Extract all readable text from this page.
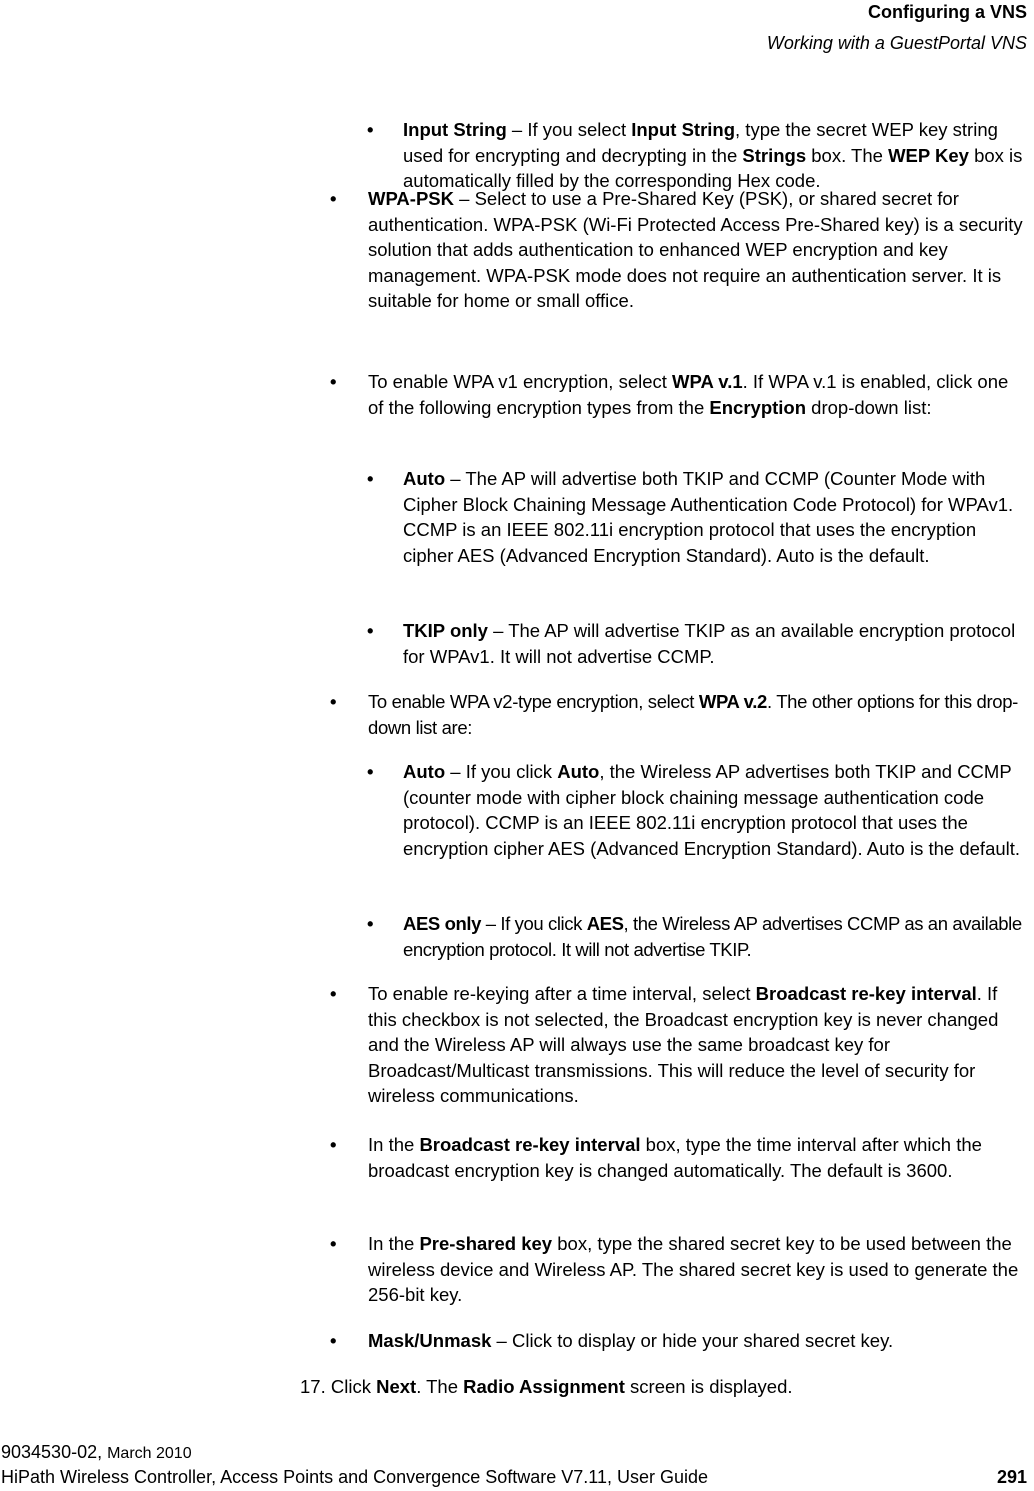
Configuring a VNS
Working with a GuestPortal VNS
• Input String – If you select Input String, type the secret WEP key string used for encrypting and decrypting in the Strings box. The WEP Key box is automatically filled by the corresponding Hex code.
• WPA-PSK – Select to use a Pre-Shared Key (PSK), or shared secret for authentication. WPA-PSK (Wi-Fi Protected Access Pre-Shared key) is a security solution that adds authentication to enhanced WEP encryption and key management. WPA-PSK mode does not require an authentication server. It is suitable for home or small office.
• To enable WPA v1 encryption, select WPA v.1. If WPA v.1 is enabled, click one of the following encryption types from the Encryption drop-down list:
• Auto – The AP will advertise both TKIP and CCMP (Counter Mode with Cipher Block Chaining Message Authentication Code Protocol) for WPAv1. CCMP is an IEEE 802.11i encryption protocol that uses the encryption cipher AES (Advanced Encryption Standard). Auto is the default.
• TKIP only – The AP will advertise TKIP as an available encryption protocol for WPAv1. It will not advertise CCMP.
• To enable WPA v2-type encryption, select WPA v.2. The other options for this drop-down list are:
• Auto – If you click Auto, the Wireless AP advertises both TKIP and CCMP (counter mode with cipher block chaining message authentication code protocol). CCMP is an IEEE 802.11i encryption protocol that uses the encryption cipher AES (Advanced Encryption Standard). Auto is the default.
• AES only – If you click AES, the Wireless AP advertises CCMP as an available encryption protocol. It will not advertise TKIP.
• To enable re-keying after a time interval, select Broadcast re-key interval. If this checkbox is not selected, the Broadcast encryption key is never changed and the Wireless AP will always use the same broadcast key for Broadcast/Multicast transmissions. This will reduce the level of security for wireless communications.
• In the Broadcast re-key interval box, type the time interval after which the broadcast encryption key is changed automatically. The default is 3600.
• In the Pre-shared key box, type the shared secret key to be used between the wireless device and Wireless AP. The shared secret key is used to generate the 256-bit key.
• Mask/Unmask – Click to display or hide your shared secret key.
17. Click Next. The Radio Assignment screen is displayed.
9034530-02, March 2010
HiPath Wireless Controller, Access Points and Convergence Software V7.11, User Guide	291
